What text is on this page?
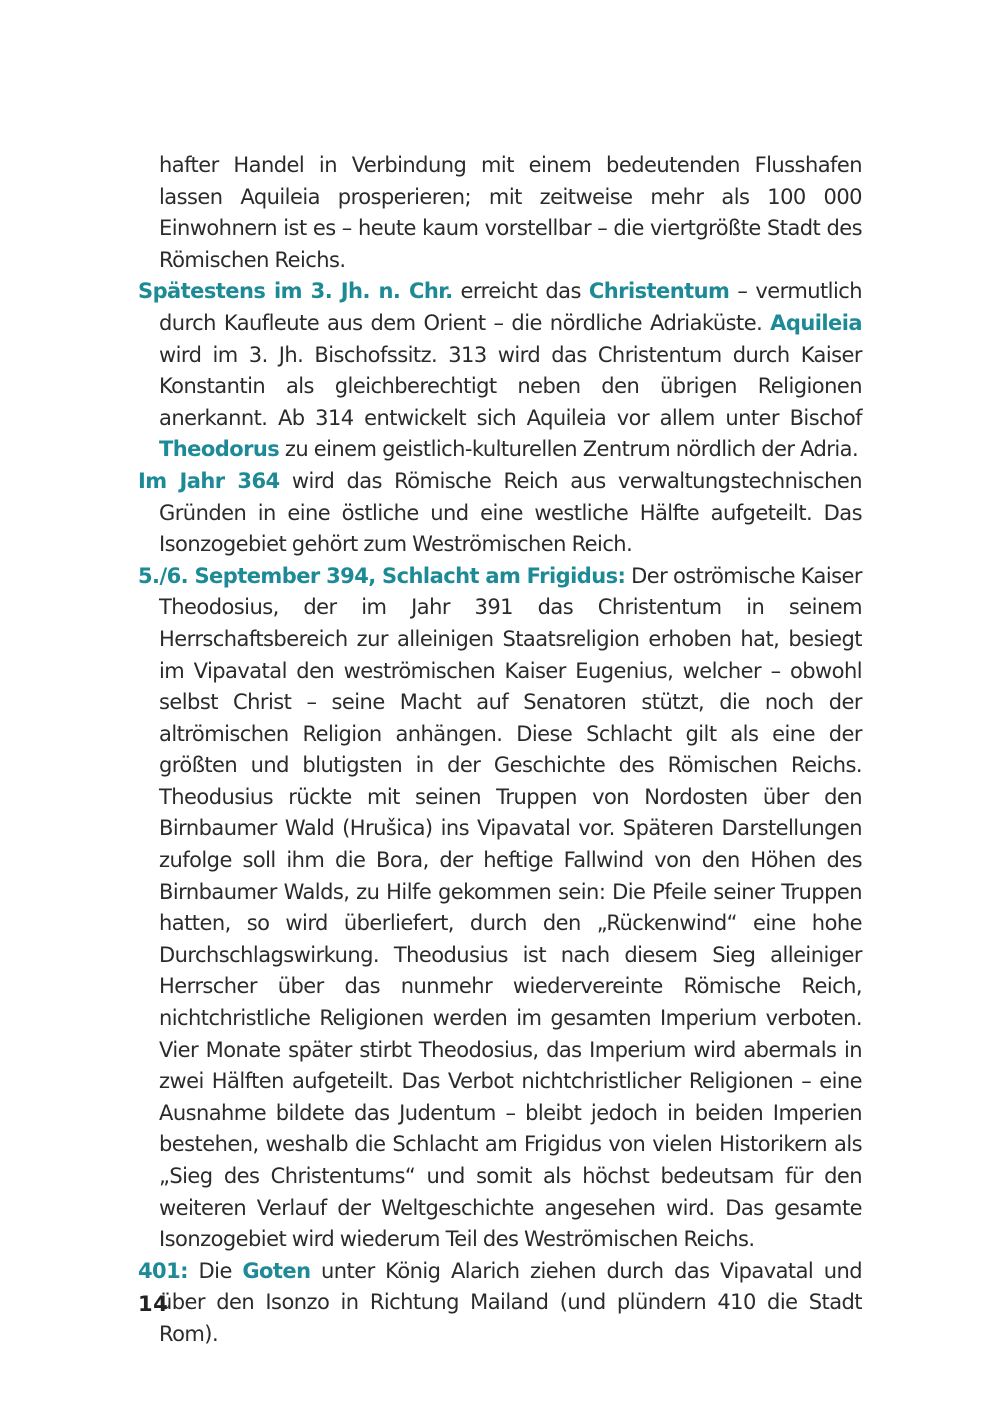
hafter Handel in Verbindung mit einem bedeutenden Flusshafen lassen Aquileia prosperieren; mit zeitweise mehr als 100 000 Einwohnern ist es – heute kaum vorstellbar – die viertgrößte Stadt des Römischen Reichs.

Spätestens im 3. Jh. n. Chr. erreicht das Christentum – vermutlich durch Kaufleute aus dem Orient – die nördliche Adriaküste. Aquileia wird im 3. Jh. Bischofssitz. 313 wird das Christentum durch Kaiser Konstantin als gleichberechtigt neben den übrigen Religionen anerkannt. Ab 314 entwickelt sich Aquileia vor allem unter Bischof Theodorus zu einem geistlich-kulturellen Zentrum nördlich der Adria.

Im Jahr 364 wird das Römische Reich aus verwaltungstechnischen Gründen in eine östliche und eine westliche Hälfte aufgeteilt. Das Isonzogebiet gehört zum Weströmischen Reich.

5./6. September 394, Schlacht am Frigidus: Der oströmische Kaiser Theodosius, der im Jahr 391 das Christentum in seinem Herrschaftsbereich zur alleinigen Staatsreligion erhoben hat, besiegt im Vipavatal den weströmischen Kaiser Eugenius, welcher – obwohl selbst Christ – seine Macht auf Senatoren stützt, die noch der altrömischen Religion anhängen. Diese Schlacht gilt als eine der größten und blutigsten in der Geschichte des Römischen Reichs. Theodusius rückte mit seinen Truppen von Nordosten über den Birnbaumer Wald (Hrušica) ins Vipavatal vor. Späteren Darstellungen zufolge soll ihm die Bora, der heftige Fallwind von den Höhen des Birnbaumer Walds, zu Hilfe gekommen sein: Die Pfeile seiner Truppen hatten, so wird überliefert, durch den „Rückenwind“ eine hohe Durchschlagswirkung. Theodusius ist nach diesem Sieg alleiniger Herrscher über das nunmehr wiedervereinte Römische Reich, nichtchristliche Religionen werden im gesamten Imperium verboten. Vier Monate später stirbt Theodosius, das Imperium wird abermals in zwei Hälften aufgeteilt. Das Verbot nichtchristlicher Religionen – eine Ausnahme bildete das Judentum – bleibt jedoch in beiden Imperien bestehen, weshalb die Schlacht am Frigidus von vielen Historikern als „Sieg des Christentums“ und somit als höchst bedeutsam für den weiteren Verlauf der Weltgeschichte angesehen wird. Das gesamte Isonzogebiet wird wiederum Teil des Weströmischen Reichs.

401: Die Goten unter König Alarich ziehen durch das Vipavatal und über den Isonzo in Richtung Mailand (und plündern 410 die Stadt Rom).

14
